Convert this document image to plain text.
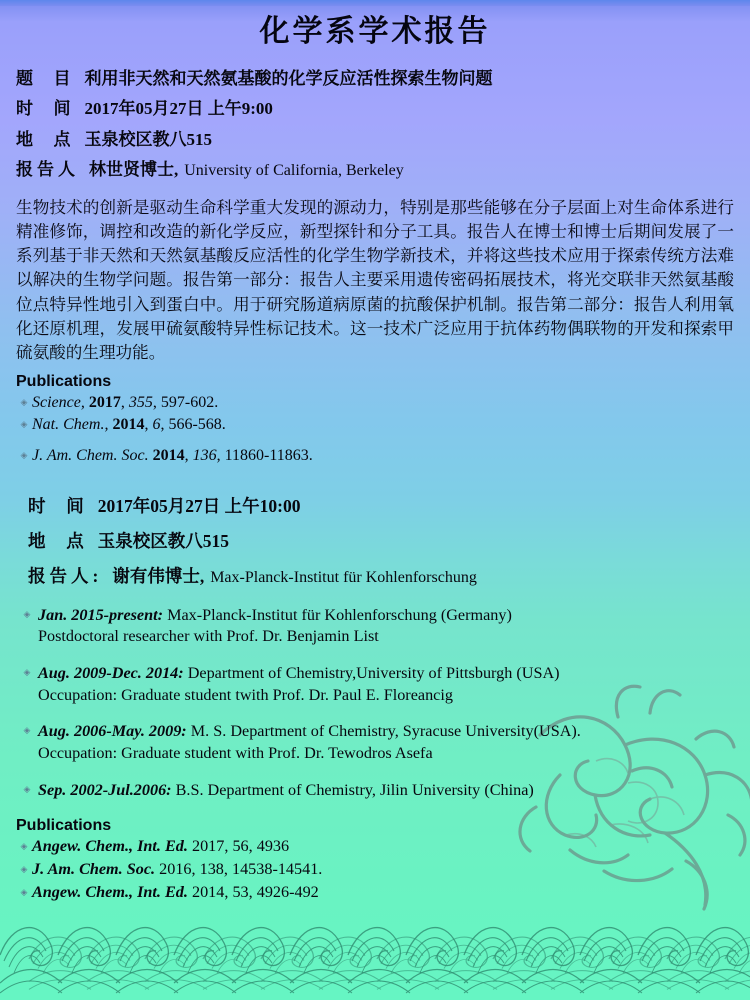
化学系学术报告
题  目 利用非天然和天然氨基酸的化学反应活性探索生物问题
时  间 2017年05月27日 上午9:00
地  点 玉泉校区教八515
报告人 林世贤博士, University of California, Berkeley

生物技术的创新是驱动生命科学重大发现的源动力，特别是那些能够在分子层面上对生命体系进行精准修饰，调控和改造的新化学反应，新型探针和分子工具。报告人在博士和博士后期间发展了一系列基于非天然和天然氨基酸反应活性的化学生物学新技术，并将这些技术应用于探索传统方法难以解决的生物学问题。报告第一部分：报告人主要采用遗传密码拓展技术，将光交联非天然氨基酸位点特异性地引入到蛋白中。用于研究肠道病原菌的抗酸保护机制。报告第二部分：报告人利用氧化还原机理，发展甲硫氨酸特异性标记技术。这一技术广泛应用于抗体药物偶联物的开发和探索甲硫氨酸的生理功能。

Publications
◈ Science, 2017, 355, 597-602.
◈ Nat. Chem., 2014, 6, 566-568.
◈ J. Am. Chem. Soc. 2014, 136, 11860-11863.
时  间 2017年05月27日 上午10:00
地  点 玉泉校区教八515
报告人: 谢有伟博士, Max-Planck-Institut für Kohlenforschung
◈ Jan. 2015-present: Max-Planck-Institut für Kohlenforschung (Germany)
Postdoctoral researcher with Prof. Dr. Benjamin List
◈ Aug. 2009-Dec. 2014: Department of Chemistry,University of Pittsburgh (USA)
Occupation: Graduate student twith Prof. Dr. Paul E. Floreancig
◈ Aug. 2006-May. 2009: M. S. Department of Chemistry, Syracuse University(USA).
Occupation: Graduate student with Prof. Dr. Tewodros Asefa
◈ Sep. 2002-Jul.2006: B.S. Department of Chemistry, Jilin University (China)
Publications
◈ Angew. Chem., Int. Ed. 2017, 56, 4936
◈ J. Am. Chem. Soc. 2016, 138, 14538-14541.
◈ Angew. Chem., Int. Ed. 2014, 53, 4926-492
